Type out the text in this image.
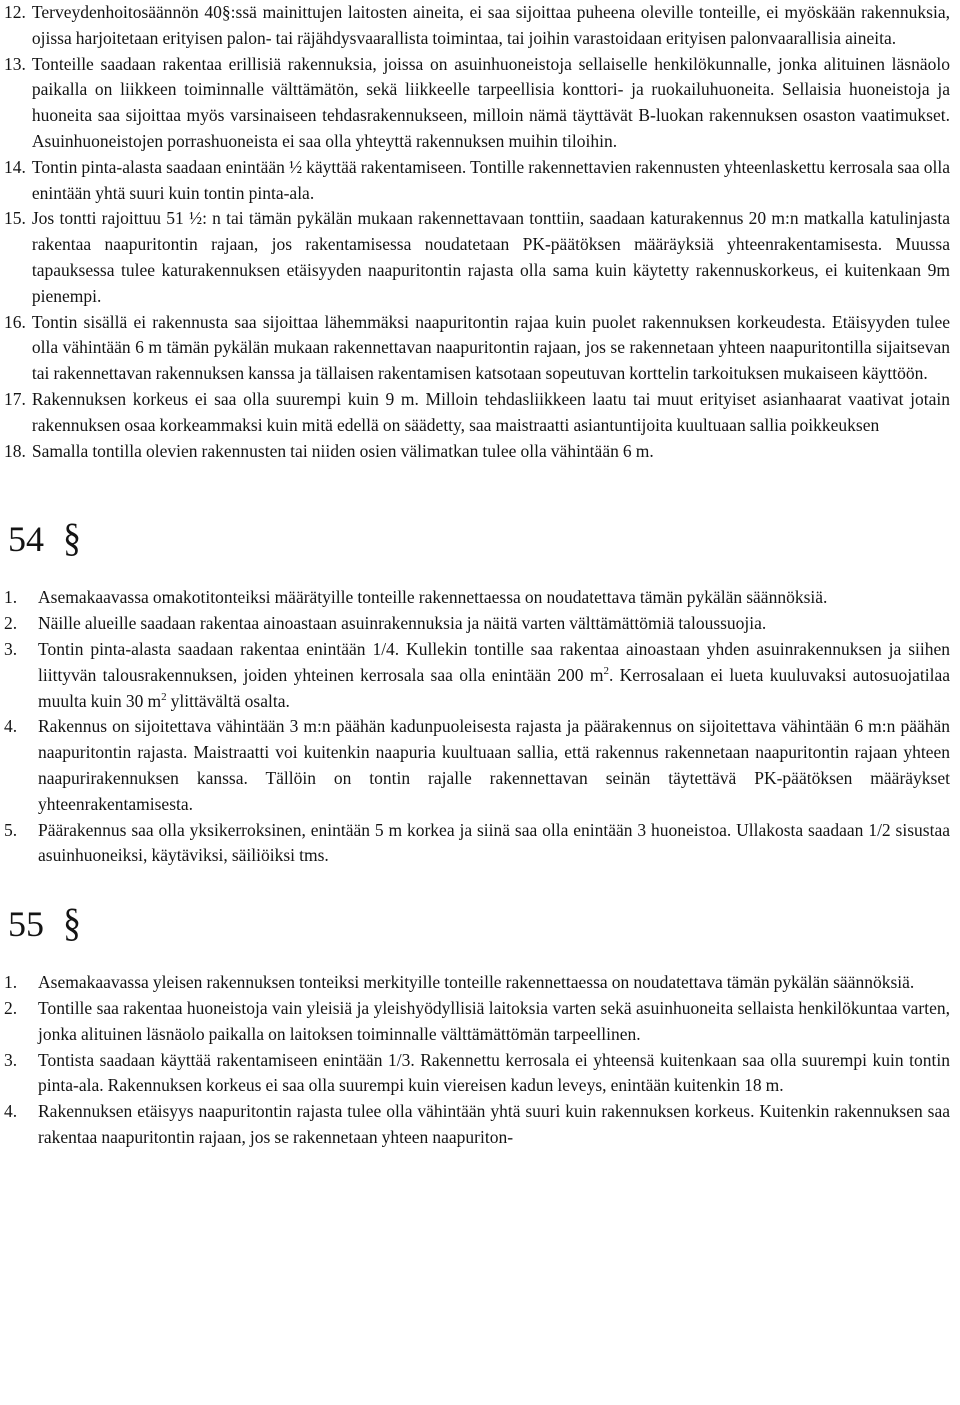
12. Terveydenhoitosäännön 40§:ssä mainittujen laitosten aineita, ei saa sijoittaa puheena oleville tonteille, ei myöskään rakennuksia, ojissa harjoitetaan erityisen palon- tai räjähdysvaarallista toimintaa, tai joihin varastoidaan erityisen palonvaarallisia aineita.
13. Tonteille saadaan rakentaa erillisiä rakennuksia, joissa on asuinhuoneistoja sellaiselle henkilökunnalle, jonka alituinen läsnäolo paikalla on liikkeen toiminnalle välttämätön, sekä liikkeelle tarpeellisia konttori- ja ruokailuhuoneita. Sellaisia huoneistoja ja huoneita saa sijoittaa myös varsinaiseen tehdasrakennukseen, milloin nämä täyttävät B-luokan rakennuksen osaston vaatimukset. Asuinhuoneistojen porrashuoneista ei saa olla yhteyttä rakennuksen muihin tiloihin.
14. Tontin pinta-alasta saadaan enintään ½ käyttää rakentamiseen. Tontille rakennettavien rakennusten yhteenlaskettu kerrosala saa olla enintään yhtä suuri kuin tontin pinta-ala.
15. Jos tontti rajoittuu 51 ½: n tai tämän pykälän mukaan rakennettavaan tonttiin, saadaan katurakennus 20 m:n matkalla katulinjasta rakentaa naapuritontin rajaan, jos rakentamisessa noudatetaan PK-päätöksen määräyksiä yhteenrakentamisesta. Muussa tapauksessa tulee katurakennuksen etäisyyden naapuritontin rajasta olla sama kuin käytetty rakennuskorkeus, ei kuitenkaan 9m pienempi.
16. Tontin sisällä ei rakennusta saa sijoittaa lähemmäksi naapuritontin rajaa kuin puolet rakennuksen korkeudesta. Etäisyyden tulee olla vähintään 6 m tämän pykälän mukaan rakennettavan naapuritontin rajaan, jos se rakennetaan yhteen naapuritontilla sijaitsevan tai rakennettavan rakennuksen kanssa ja tällaisen rakentamisen katsotaan sopeutuvan korttelin tarkoituksen mukaiseen käyttöön.
17. Rakennuksen korkeus ei saa olla suurempi kuin 9 m. Milloin tehdasliikkeen laatu tai muut erityiset asianhaarat vaativat jotain rakennuksen osaa korkeammaksi kuin mitä edellä on säädetty, saa maistraatti asiantuntijoita kuultuaan sallia poikkeuksen
18. Samalla tontilla olevien rakennusten tai niiden osien välimatkan tulee olla vähintään 6 m.
54 §
1.	Asemakaavassa omakotitonteiksi määrätyille tonteille rakennettaessa on noudatettava tämän pykälän säännöksiä.
2.	Näille alueille saadaan rakentaa ainoastaan asuinrakennuksia ja näitä varten välttämättömiä taloussuojia.
3.	Tontin pinta-alasta saadaan rakentaa enintään 1/4. Kullekin tontille saa rakentaa ainoastaan yhden asuinrakennuksen ja siihen liittyvän talousrakennuksen, joiden yhteinen kerrosala saa olla enintään 200 $m^2$. Kerrosalaan ei lueta kuuluvaksi autosuojatilaa muulta kuin 30 $m^2$ ylittävältä osalta.
4.	Rakennus on sijoitettava vähintään 3 m:n päähän kadunpuoleisesta rajasta ja päärakennus on sijoitettava vähintään 6 m:n päähän naapuritontin rajasta. Maistraatti voi kuitenkin naapuria kuultuaan sallia, että rakennus rakennetaan naapuritontin rajaan yhteen naapurirakennuksen kanssa. Tällöin on tontin rajalle rakennettavan seinän täytettävä PK-päätöksen määräykset yhteenrakentamisesta.
5.	Päärakennus saa olla yksikerroksinen, enintään 5 m korkea ja siinä saa olla enintään 3 huoneistoa. Ullakosta saadaan 1/2 sisustaa asuinhuoneiksi, käytäviksi, säiliöiksi tms.
55 §
1.	Asemakaavassa yleisen rakennuksen tonteiksi merkityille tonteille rakennettaessa on noudatettava tämän pykälän säännöksiä.
2.	Tontille saa rakentaa huoneistoja vain yleisiä ja yleishyödyllisiä laitoksia varten sekä asuinhuoneita sellaista henkilökuntaa varten, jonka alituinen läsnäolo paikalla on laitoksen toiminnalle välttämättömän tarpeellinen.
3.	Tontista saadaan käyttää rakentamiseen enintään 1/3. Rakennettu kerrosala ei yhteensä kuitenkaan saa olla suurempi kuin tontin pinta-ala. Rakennuksen korkeus ei saa olla suurempi kuin viereisen kadun leveys, enintään kuitenkin 18 m.
4.	Rakennuksen etäisyys naapuritontin rajasta tulee olla vähintään yhtä suuri kuin rakennuksen korkeus. Kuitenkin rakennuksen saa rakentaa naapuritontin rajaan, jos se rakennetaan yhteen naapuriton-
